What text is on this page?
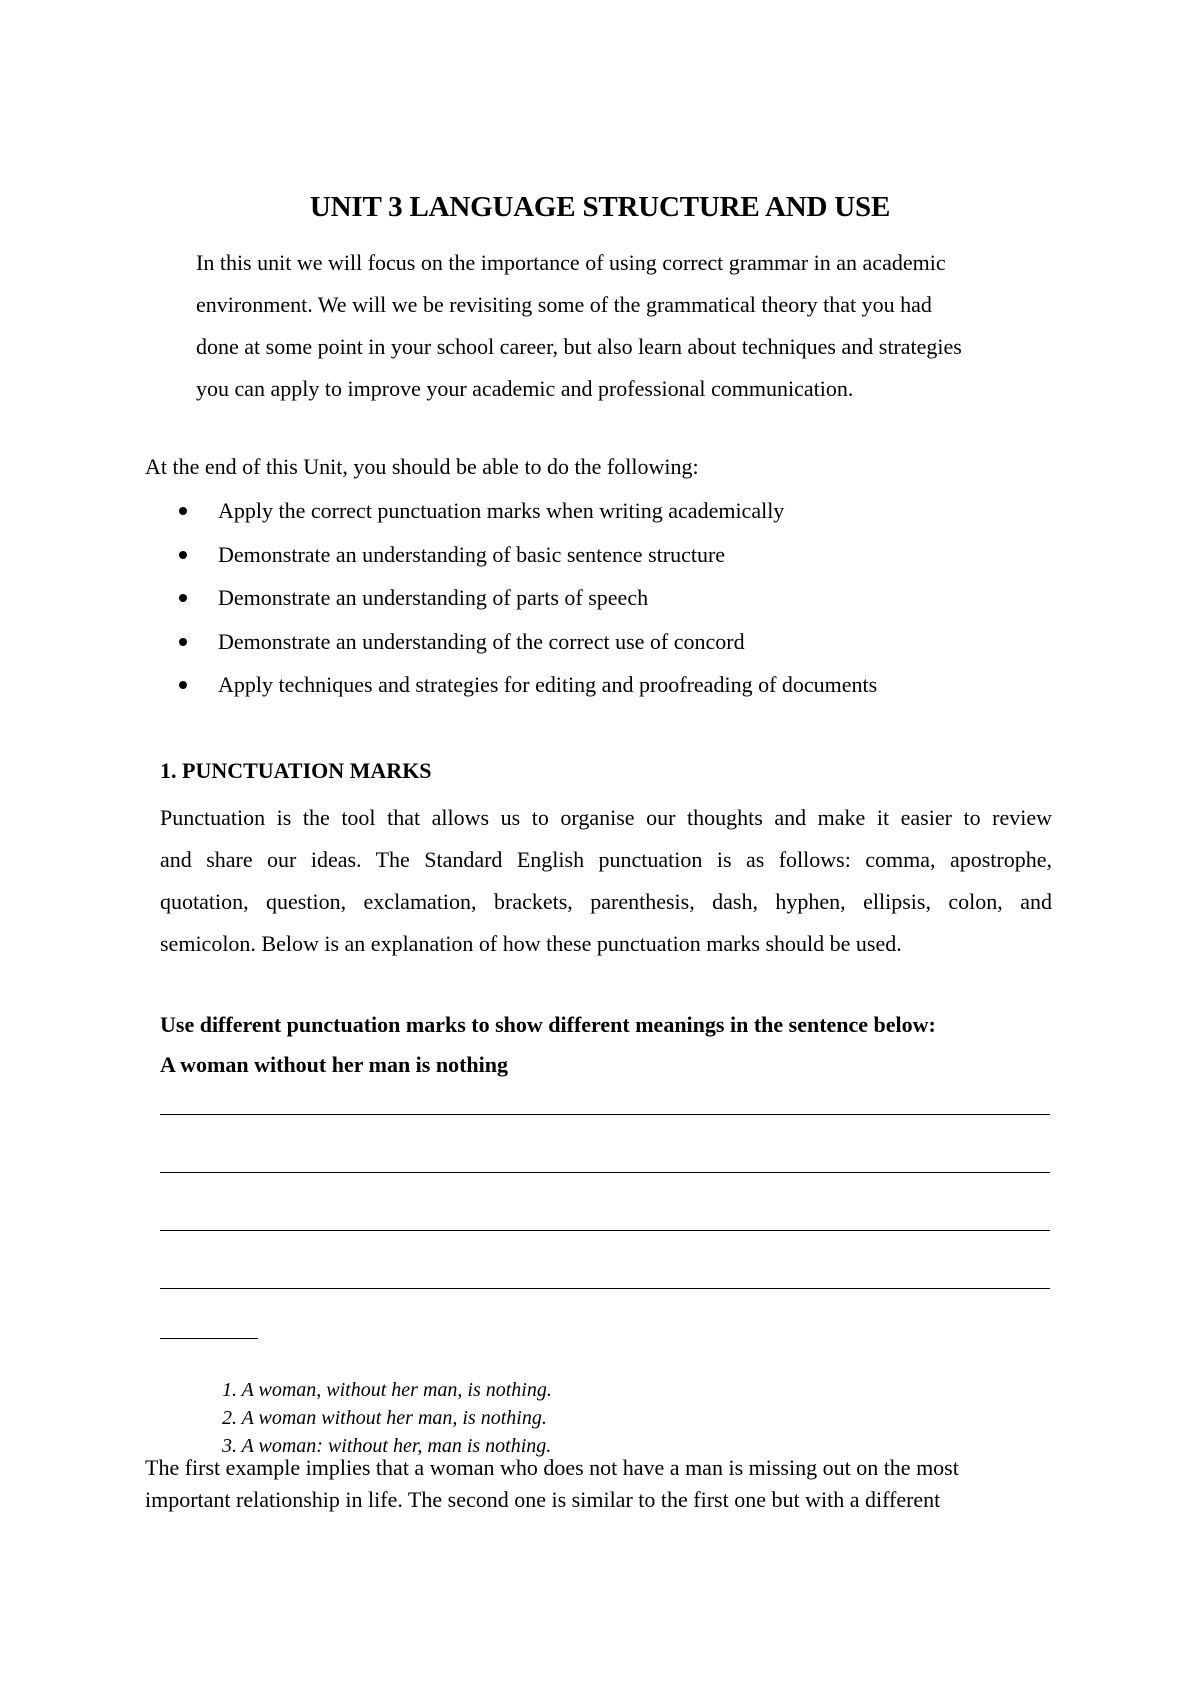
UNIT 3 LANGUAGE STRUCTURE AND USE
In this unit we will focus on the importance of using correct grammar in an academic
environment. We will we be revisiting some of the grammatical theory that you had
done at some point in your school career, but also learn about techniques and strategies
you can apply to improve your academic and professional communication.
At the end of this Unit, you should be able to do the following:
Apply the correct punctuation marks when writing academically
Demonstrate an understanding of basic sentence structure
Demonstrate an understanding of parts of speech
Demonstrate an understanding of the correct use of concord
Apply techniques and strategies for editing and proofreading of documents
1. PUNCTUATION MARKS
Punctuation is the tool that allows us to organise our thoughts and make it easier to review
and share our ideas. The Standard English punctuation is as follows: comma, apostrophe,
quotation, question, exclamation, brackets, parenthesis, dash, hyphen, ellipsis, colon, and
semicolon. Below is an explanation of how these punctuation marks should be used.
Use different punctuation marks to show different meanings in the sentence below:
A woman without her man is nothing
1. A woman, without her man, is nothing.
2. A woman without her man, is nothing.
3. A woman: without her, man is nothing.
The first example implies that a woman who does not have a man is missing out on the most
important relationship in life. The second one is similar to the first one but with a different
